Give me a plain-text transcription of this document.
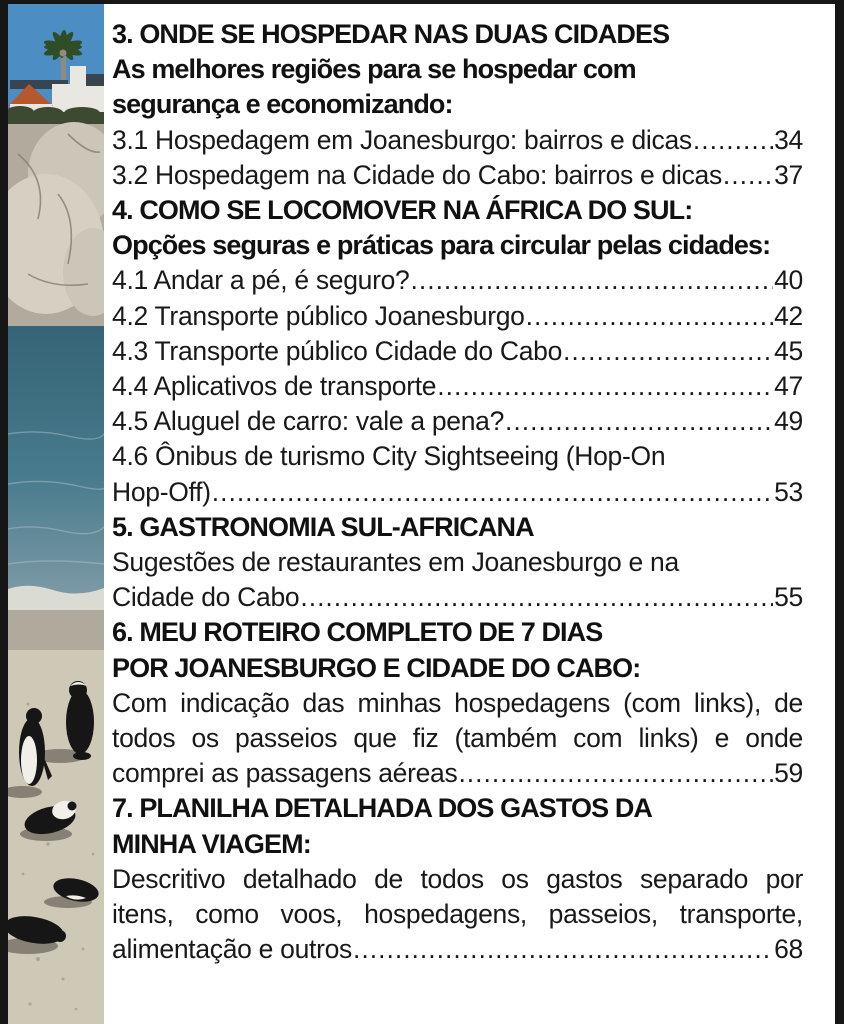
3. ONDE SE HOSPEDAR NAS DUAS CIDADES
As melhores regiões para se hospedar com
segurança e economizando:
3.1 Hospedagem em Joanesburgo: bairros e dicas .....	34
3.2 Hospedagem na Cidade do Cabo: bairros e dicas ..... 37
4. COMO SE LOCOMOVER NA ÁFRICA DO SUL:
Opções seguras e práticas para circular pelas cidades:
4.1 Andar a pé, é seguro? .....	40
4.2 Transporte público Joanesburgo .....	42
4.3 Transporte público Cidade do Cabo .....	45
4.4 Aplicativos de transporte .....	47
4.5 Aluguel de carro: vale a pena? .....	49
4.6 Ônibus de turismo City Sightseeing (Hop-On
Hop-Off) .....	53
5. GASTRONOMIA SUL-AFRICANA
Sugestões de restaurantes em Joanesburgo e na
Cidade do Cabo .....	55
6. MEU ROTEIRO COMPLETO DE 7 DIAS
POR JOANESBURGO E CIDADE DO CABO:
Com indicação das minhas hospedagens (com links), de
todos os passeios que fiz (também com links) e onde
comprei as passagens aéreas .....	59
7. PLANILHA DETALHADA DOS GASTOS DA
MINHA VIAGEM:
Descritivo detalhado de todos os gastos separado por
itens, como voos, hospedagens, passeios, transporte,
alimentação e outros .....	68
